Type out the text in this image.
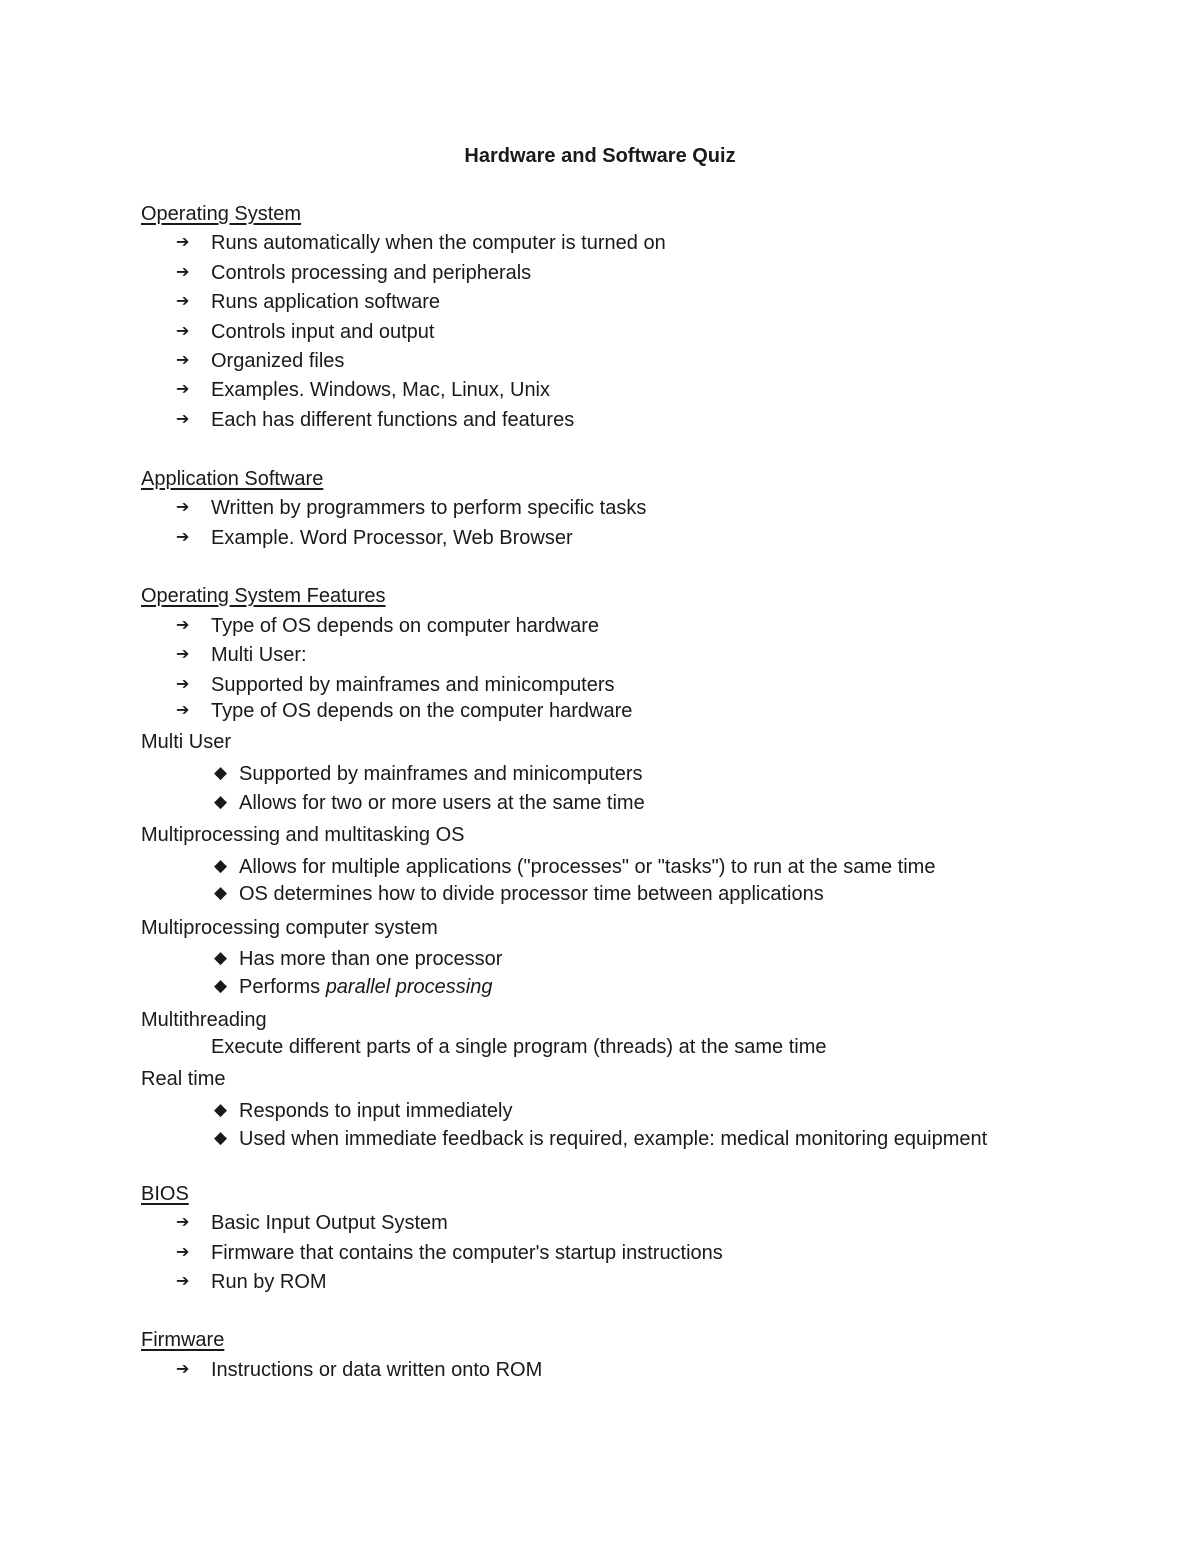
Hardware and Software Quiz
Operating System
➔ Runs automatically when the computer is turned on
➔ Controls processing and peripherals
➔ Runs application software
➔ Controls input and output
➔ Organized files
➔ Examples. Windows, Mac, Linux, Unix
➔ Each has different functions and features
Application Software
➔ Written by programmers to perform specific tasks
➔ Example. Word Processor, Web Browser
Operating System Features
➔ Type of OS depends on computer hardware
➔ Multi User:
➔ Supported by mainframes and minicomputers
➔ Type of OS depends on the computer hardware
Multi User
◆ Supported by mainframes and minicomputers
◆ Allows for two or more users at the same time
Multiprocessing and multitasking OS
◆ Allows for multiple applications ("processes" or "tasks") to run at the same time
◆ OS determines how to divide processor time between applications
Multiprocessing computer system
◆ Has more than one processor
◆ Performs parallel processing
Multithreading
Execute different parts of a single program (threads) at the same time
Real time
◆ Responds to input immediately
◆ Used when immediate feedback is required, example: medical monitoring equipment
BIOS
➔ Basic Input Output System
➔ Firmware that contains the computer's startup instructions
➔ Run by ROM
Firmware
➔ Instructions or data written onto ROM
